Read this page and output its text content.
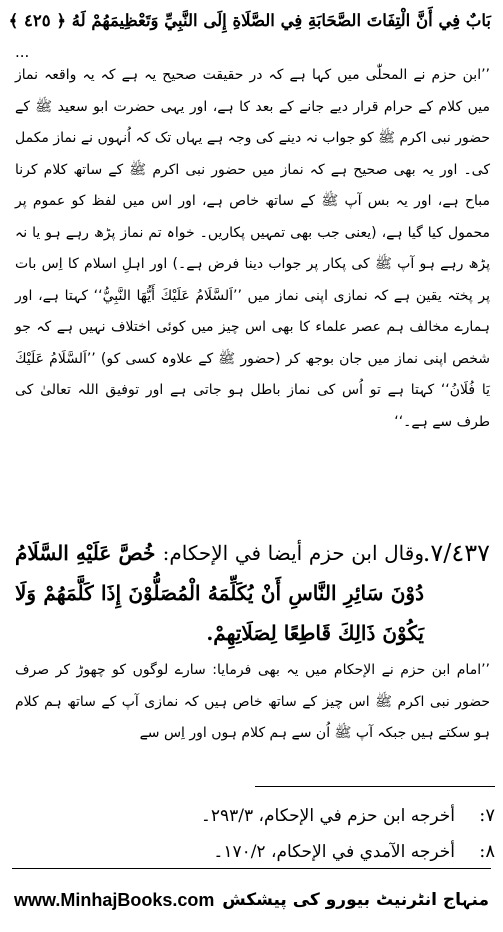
بَابٌ فِي أَنَّ الْتِفَاتَ الصَّحَابَةِ فِي الصَّلَاةِ إِلَى النَّبِيِّ وَتَعْظِيمَهُمْ لَهُ ﴿ ٤٢٥ ﴾
...
’’ابن حزم نے المحلّٰی میں کہا ہے کہ در حقیقت صحیح یہ ہے کہ یہ واقعہ نماز میں کلام کے حرام قرار دیے جانے کے بعد کا ہے، اور یہی حضرت ابو سعید ﷺ کے حضور نبی اکرم ﷺ کو جواب نہ دینے کی وجہ ہے یہاں تک کہ اُنہوں نے نماز مکمل کی۔ اور یہ بھی صحیح ہے کہ نماز میں حضور نبی اکرم ﷺ کے ساتھ کلام کرنا مباح ہے، اور یہ بس آپ ﷺ کے ساتھ خاص ہے، اور اس میں لفظ کو عموم پر محمول کیا گیا ہے، (یعنی جب بھی تمہیں پکاریں۔ خواہ تم نماز پڑھ رہے ہو یا نہ پڑھ رہے ہو آپ ﷺ کی پکار پر جواب دینا فرض ہے۔) اور اہلِ اسلام کا اِس بات پر پختہ یقین ہے کہ نمازی اپنی نماز میں ’’اَلسَّلَامُ عَلَيْكَ أَيُّهَا النَّبِيُّ‘‘ کہتا ہے، اور ہمارے مخالف ہم عصر علماء کا بھی اس چیز میں کوئی اختلاف نہیں ہے کہ جو شخص اپنی نماز میں جان بوجھ کر (حضور ﷺ کے علاوہ کسی کو) ’’اَلسَّلَامُ عَلَيْكَ يَا فُلَانُ‘‘ کہتا ہے تو اُس کی نماز باطل ہو جاتی ہے اور توفیق اللہ تعالیٰ کی طرف سے ہے۔‘‘
٧/٤٣٧.
وقال ابن حزم أيضا في الإحكام: خُصَّ عَلَيْهِ السَّلَامُ دُوْنَ سَائِرِ النَّاسِ أَنْ يُكَلِّمَهُ الْمُصَلُّوْنَ إِذَا كَلَّمَهُمْ وَلَا يَكُوْنَ ذَالِكَ قَاطِعًا لِصَلَاتِهِمْ.
’’امام ابن حزم نے الإحکام میں یہ بھی فرمایا: سارے لوگوں کو چھوڑ کر صرف حضور نبی اکرم ﷺ اس چیز کے ساتھ خاص ہیں کہ نمازی آپ کے ساتھ ہم کلام ہو سکتے ہیں جبکہ آپ ﷺ اُن سے ہم کلام ہوں اور اِس سے
٧:
أخرجه ابن حزم في الإحكام، ٢٩٣/٣۔
٨:
أخرجه الآمدي في الإحكام، ١٧٠/٢۔
www.MinhajBooks.com منہاج انٹرنیٹ بیورو کی پیشکش
